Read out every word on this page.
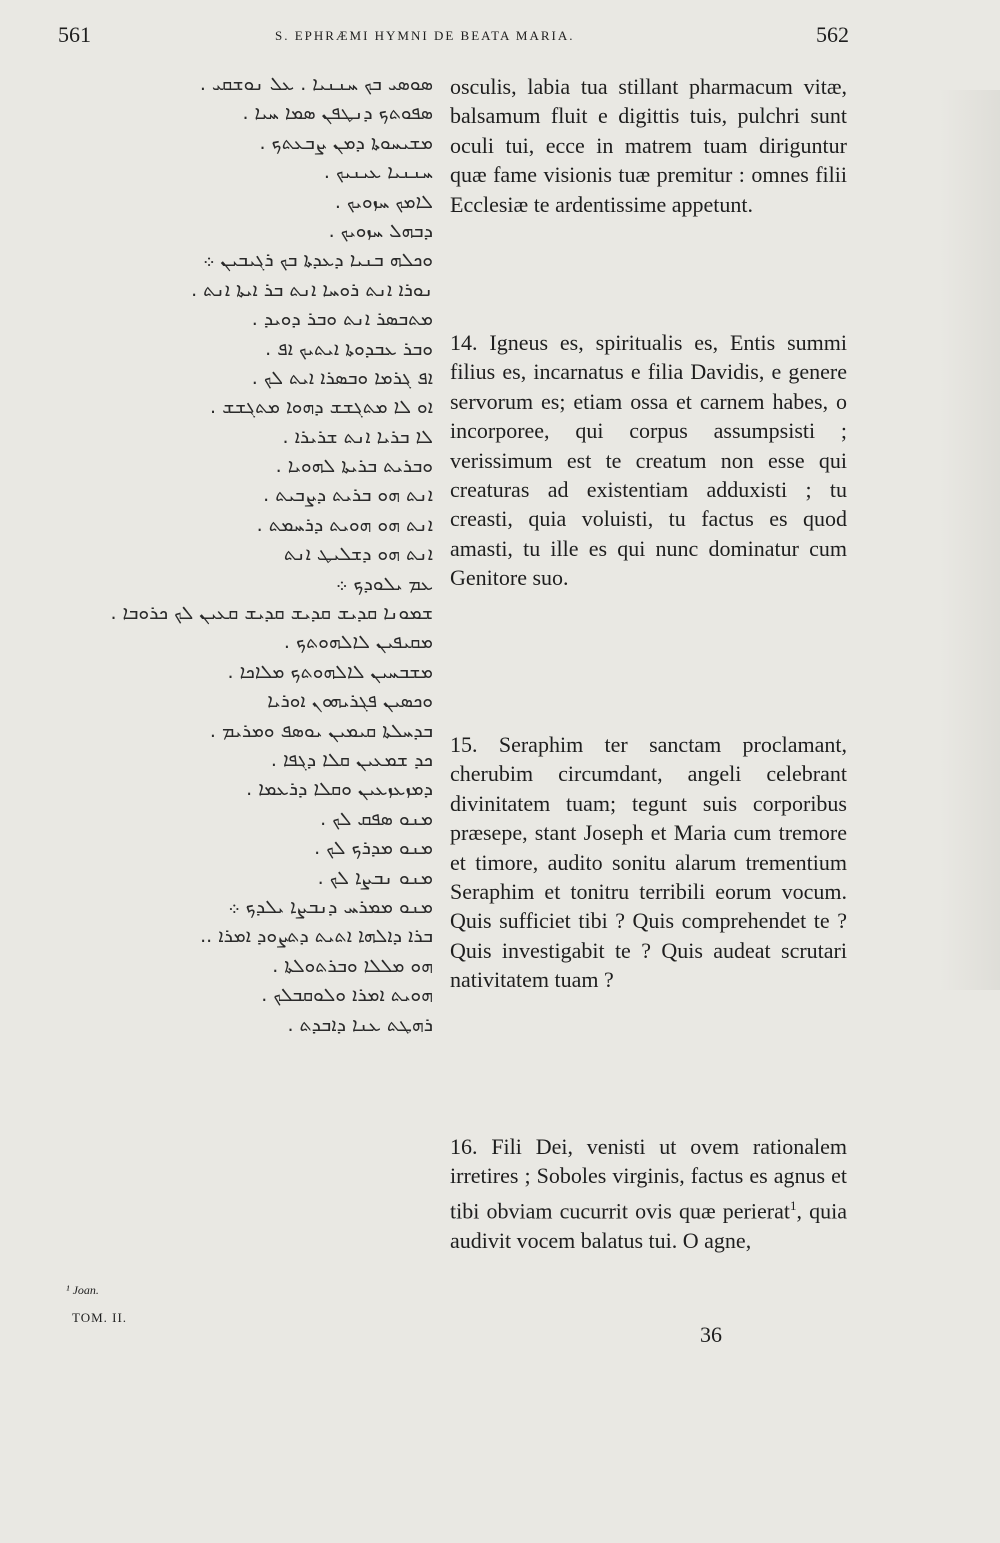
561	S. EPHRÆMI HYMNI DE BEATA MARIA.	562
ܣܘܣܝ ܒܟ ܚܢܢܝܐ . ܥܠ ܢܘܫܩܝ .
ܣܦܘܬܟ ܕܢܛܦܢ ܣܡܐ ܚܝܐ .
ܡܫܝܚܘܬܐ ܕܡܢ ܨܒܥܬܟ .
ܚܢܢܝܐ ܥܝܢܝܟ .
ܠܐܡܟ ܚܙܘܝܟ .
ܕܒܗܠ ܚܙܘܝܟ .
ܘܟܠܗ ܒܢܝܐ ܕܥܕܬܐ ܒܟ ܪܓܝܒܝܢ ܀
ܢܘܪܐ ܐܢܬ ܪܘܚܐ ܐܢܬ ܒܪ ܐܝܬܐ ܐܢܬ .
ܡܬܒܣܪ ܐܢܬ ܘܒܪ ܕܘܝܕ .
ܘܒܪ ܥܒܕܘܬܐ ܐܝܬܝܟ ܐܦ .
ܐܦ ܓܪܡܐ ܘܒܣܪܐ ܐܝܬ ܠܟ .
ܐܘ ܠܐ ܡܬܓܫܫ ܕܗܘܐ ܡܬܓܫܫ .
ܠܐ ܒܪܝܐ ܐܢܬ ܫܪܝܪܐ .
ܘܒܪܝܬ ܒܪܝܬܐ ܠܗܘܝܐ .
ܐܢܬ ܗܘ ܒܪܝܬ ܕܨܒܝܬ .
ܐܢܬ ܗܘ ܗܘܝܬ ܕܪܚܡܬ .
ܐܢܬ ܗܘ ܕܫܠܝܛ ܐܢܬ
ܥܡ ܝܠܘܕܟ ܀
ܫܡܘܢܐ ܩܕܝܫ ܩܕܝܫ ܩܕܝܫ ܩܥܝܢ ܠܟ ܟܪܘܒܐ .
ܡܩܝܦܝܢ ܠܐܠܗܘܬܟ .
ܡܫܒܚܝܢ ܠܐܠܗܘܬܟ ܡܠܐܟܐ .
ܘܟܣܝܢ ܦܓܪܝܗܘܢ ܐܘܪܝܐ
ܒܕܚܠܬܐ ܩܝܡܝܢ ܝܘܣܦ ܘܡܪܝܡ .
ܟܕ ܫܡܥܝܢ ܩܠܐ ܕܓܦܐ .
ܕܡܙܥܙܥܝܢ ܘܩܠܐ ܕܪܥܡܐ .
ܡܢܘ ܣܦܩ ܠܟ .
ܡܢܘ ܡܕܪܟ ܠܟ .
ܡܢܘ ܢܒܨܐ ܠܟ .
ܡܢܘ ܡܡܪܚ ܕܢܒܨܐ ܝܠܕܟ ܀
ܒܪܐ ܕܐܠܗܐ ܐܬܝܬ ܕܬܨܘܕ ܐܡܪܐ ..
ܗܘ ܡܠܠܐ ܘܒܪܬܘܠܬܐ .
ܗܘܝܬ ܐܡܪܐ ܘܠܘܩܒܠܟ .
ܪܗܛܬ ܥܢܐ ܕܐܒܕܬ .

osculis, labia tua stillant pharmacum vitæ, balsamum fluit e digittis tuis, pulchri sunt oculi tui, ecce in matrem tuam diriguntur quæ fame visionis tuæ premitur : omnes filii Ecclesiæ te ardentissime appetunt.

14. Igneus es, spiritualis es, Entis summi filius es, incarnatus e filia Davidis, e genere servorum es; etiam ossa et carnem habes, o incorporee, qui corpus assumpsisti ; verissimum est te creatum non esse qui creaturas ad existentiam adduxisti ; tu creasti, quia voluisti, tu factus es quod amasti, tu ille es qui nunc dominatur cum Genitore suo.

15. Seraphim ter sanctam proclamant, cherubim circumdant, angeli celebrant divinitatem tuam; tegunt suis corporibus præsepe, stant Joseph et Maria cum tremore et timore, audito sonitu alarum trementium Seraphim et tonitru terribili eorum vocum. Quis sufficiet tibi ? Quis comprehendet te ? Quis investigabit te ? Quis audeat scrutari nativitatem tuam ?

16. Fili Dei, venisti ut ovem rationalem irretires ; Soboles virginis, factus es agnus et tibi obviam cucurrit ovis quæ perierat$^1$, quia audivit vocem balatus tui. O agne,

¹ Joan.
TOM. II.
36
